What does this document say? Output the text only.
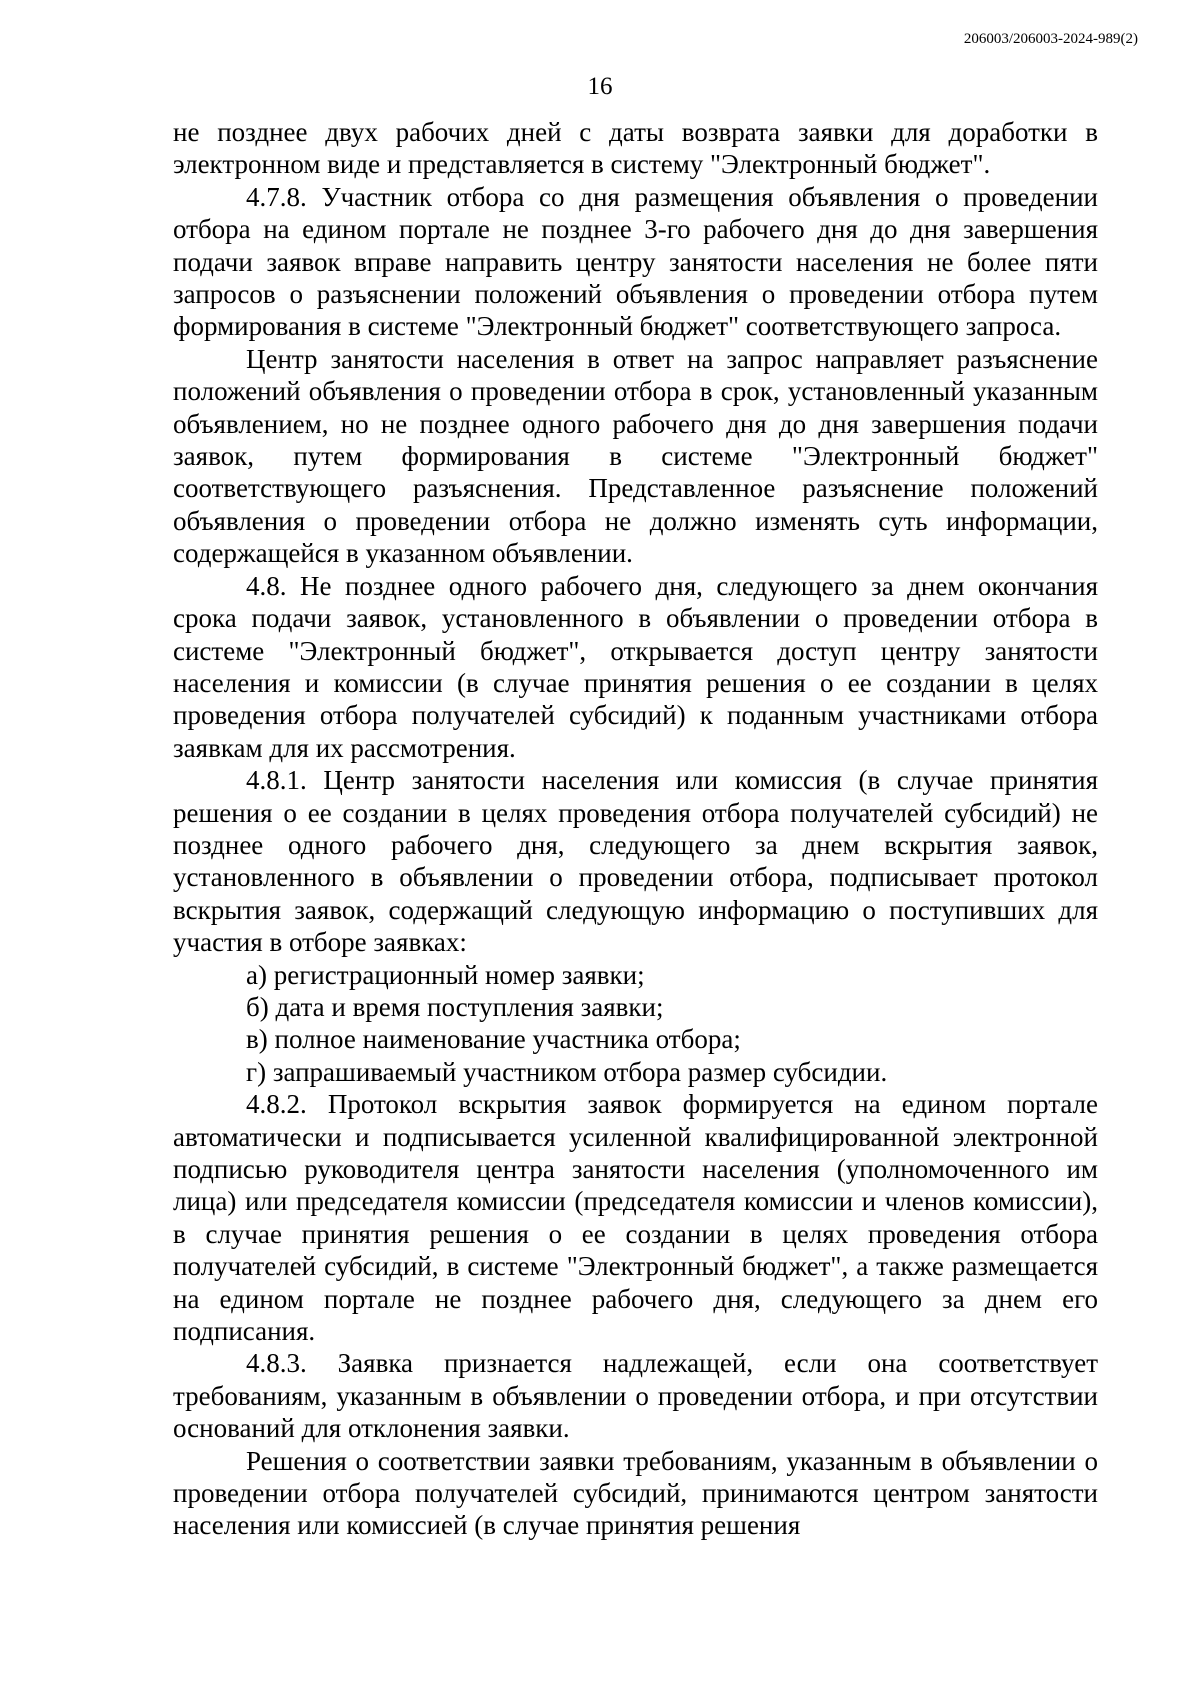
206003/206003-2024-989(2)
16

не позднее двух рабочих дней с даты возврата заявки для доработки в электронном виде и представляется в систему "Электронный бюджет".

4.7.8. Участник отбора со дня размещения объявления о проведении отбора на едином портале не позднее 3-го рабочего дня до дня завершения подачи заявок вправе направить центру занятости населения не более пяти запросов о разъяснении положений объявления о проведении отбора путем формирования в системе "Электронный бюджет" соответствующего запроса.

Центр занятости населения в ответ на запрос направляет разъяснение положений объявления о проведении отбора в срок, установленный указанным объявлением, но не позднее одного рабочего дня до дня завершения подачи заявок, путем формирования в системе "Электронный бюджет" соответствующего разъяснения. Представленное разъяснение положений объявления о проведении отбора не должно изменять суть информации, содержащейся в указанном объявлении.

4.8. Не позднее одного рабочего дня, следующего за днем окончания срока подачи заявок, установленного в объявлении о проведении отбора в системе "Электронный бюджет", открывается доступ центру занятости населения и комиссии (в случае принятия решения о ее создании в целях проведения отбора получателей субсидий) к поданным участниками отбора заявкам для их рассмотрения.

4.8.1. Центр занятости населения или комиссия (в случае принятия решения о ее создании в целях проведения отбора получателей субсидий) не позднее одного рабочего дня, следующего за днем вскрытия заявок, установленного в объявлении о проведении отбора, подписывает протокол вскрытия заявок, содержащий следующую информацию о поступивших для участия в отборе заявках:

а) регистрационный номер заявки;

б) дата и время поступления заявки;

в) полное наименование участника отбора;

г) запрашиваемый участником отбора размер субсидии.

4.8.2. Протокол вскрытия заявок формируется на едином портале автоматически и подписывается усиленной квалифицированной электронной подписью руководителя центра занятости населения (уполномоченного им лица) или председателя комиссии (председателя комиссии и членов комиссии), в случае принятия решения о ее создании в целях проведения отбора получателей субсидий, в системе "Электронный бюджет", а также размещается на едином портале не позднее рабочего дня, следующего за днем его подписания.

4.8.3. Заявка признается надлежащей, если она соответствует требованиям, указанным в объявлении о проведении отбора, и при отсутствии оснований для отклонения заявки.

Решения о соответствии заявки требованиям, указанным в объявлении о проведении отбора получателей субсидий, принимаются центром занятости населения или комиссией (в случае принятия решения
